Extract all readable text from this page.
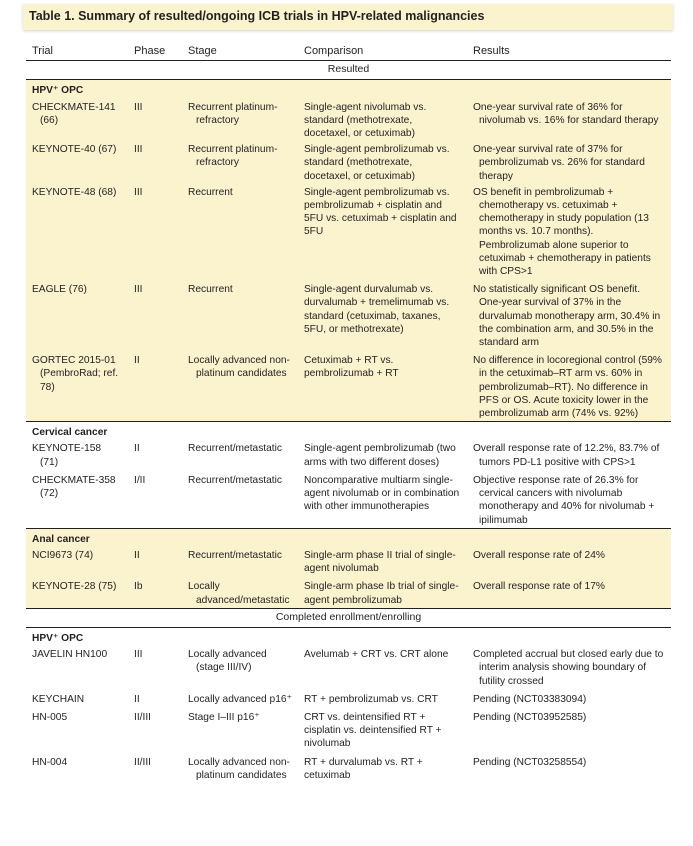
Table 1. Summary of resulted/ongoing ICB trials in HPV-related malignancies
Trial	Phase	Stage	Comparison	Results
Resulted				
HPV⁺ OPC				
CHECKMATE-141 (66)	III	Recurrent platinum-refractory	Single-agent nivolumab vs. standard (methotrexate, docetaxel, or cetuximab)	One-year survival rate of 36% for nivolumab vs. 16% for standard therapy
KEYNOTE-40 (67)	III	Recurrent platinum-refractory	Single-agent pembrolizumab vs. standard (methotrexate, docetaxel, or cetuximab)	One-year survival rate of 37% for pembrolizumab vs. 26% for standard therapy
KEYNOTE-48 (68)	III	Recurrent	Single-agent pembrolizumab vs. pembrolizumab + cisplatin and 5FU vs. cetuximab + cisplatin and 5FU	OS benefit in pembrolizumab + chemotherapy vs. cetuximab + chemotherapy in study population (13 months vs. 10.7 months). Pembrolizumab alone superior to cetuximab + chemotherapy in patients with CPS>1
EAGLE (76)	III	Recurrent	Single-agent durvalumab vs. durvalumab + tremelimumab vs. standard (cetuximab, taxanes, 5FU, or methotrexate)	No statistically significant OS benefit. One-year survival of 37% in the durvalumab monotherapy arm, 30.4% in the combination arm, and 30.5% in the standard arm
GORTEC 2015-01 (PembroRad; ref. 78)	II	Locally advanced non-platinum candidates	Cetuximab + RT vs. pembrolizumab + RT	No difference in locoregional control (59% in the cetuximab–RT arm vs. 60% in pembrolizumab–RT). No difference in PFS or OS. Acute toxicity lower in the pembrolizumab arm (74% vs. 92%)
Cervical cancer				
KEYNOTE-158 (71)	II	Recurrent/metastatic	Single-agent pembrolizumab (two arms with two different doses)	Overall response rate of 12.2%, 83.7% of tumors PD-L1 positive with CPS>1
CHECKMATE-358 (72)	I/II	Recurrent/metastatic	Noncomparative multiarm single-agent nivolumab or in combination with other immunotherapies	Objective response rate of 26.3% for cervical cancers with nivolumab monotherapy and 40% for nivolumab + ipilimumab
Anal cancer				
NCI9673 (74)	II	Recurrent/metastatic	Single-arm phase II trial of single-agent nivolumab	Overall response rate of 24%
KEYNOTE-28 (75)	Ib	Locally advanced/metastatic	Single-arm phase Ib trial of single-agent pembrolizumab	Overall response rate of 17%
Completed enrollment/enrolling				
HPV⁺ OPC				
JAVELIN HN100	III	Locally advanced (stage III/IV)	Avelumab + CRT vs. CRT alone	Completed accrual but closed early due to interim analysis showing boundary of futility crossed
KEYCHAIN	II	Locally advanced p16⁺	RT + pembrolizumab vs. CRT	Pending (NCT03383094)
HN-005	II/III	Stage I–III p16⁺	CRT vs. deintensified RT + cisplatin vs. deintensified RT + nivolumab	Pending (NCT03952585)
HN-004	II/III	Locally advanced non-platinum candidates	RT + durvalumab vs. RT + cetuximab	Pending (NCT03258554)
